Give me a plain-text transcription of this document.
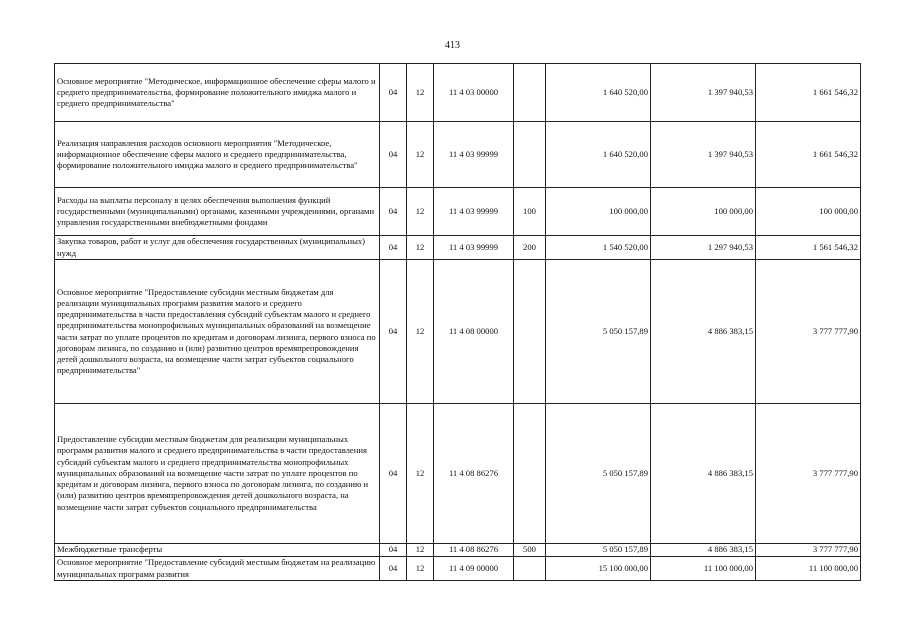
413
Основное мероприятие "Методическое, информационное обеспечение сферы малого и среднего предпринимательства, формирование положительного имиджа малого и среднего предпринимательства"	04	12	11 4 03 00000		1 640 520,00	1 397 940,53	1 661 546,32
Реализация направления расходов основного мероприятия "Методическое, информационное обеспечение сферы малого и среднего предпринимательства, формирование положительного имиджа малого и среднего предпринимательства"	04	12	11 4 03 99999		1 640 520,00	1 397 940,53	1 661 546,32
Расходы на выплаты персоналу в целях обеспечения выполнения функций государственными (муниципальными) органами, казенными учреждениями, органами управления государственными внебюджетными фондами	04	12	11 4 03 99999	100	100 000,00	100 000,00	100 000,00
Закупка товаров, работ и услуг для обеспечения государственных (муниципальных) нужд	04	12	11 4 03 99999	200	1 540 520,00	1 297 940,53	1 561 546,32
Основное мероприятие "Предоставление субсидии местным бюджетам для реализации муниципальных программ развития малого и среднего предпринимательства в части предоставления субсидий субъектам малого и среднего предпринимательства монопрофильных муниципальных образований на возмещение части затрат по уплате процентов по кредитам и договорам лизинга, первого взноса по договорам лизинга, по созданию и (или) развитию центров времяпрепровождения детей дошкольного возраста, на возмещение части затрат субъектов социального предпринимательства"	04	12	11 4 08 00000		5 050 157,89	4 886 383,15	3 777 777,90
Предоставление субсидии местным бюджетам для реализации муниципальных программ развития малого и среднего предпринимательства в части предоставления субсидий субъектам малого и среднего предпринимательства монопрофильных муниципальных образований на возмещение части затрат по уплате процентов по кредитам и договорам лизинга, первого взноса по договорам лизинга, по созданию и (или) развитию центров времяпрепровождения детей дошкольного возраста, на возмещение части затрат субъектов социального предпринимательства	04	12	11 4 08 86276		5 050 157,89	4 886 383,15	3 777 777,90
Межбюджетные трансферты	04	12	11 4 08 86276	500	5 050 157,89	4 886 383,15	3 777 777,90
Основное мероприятие "Предоставление субсидий местным бюджетам на реализацию муниципальных программ развития	04	12	11 4 09 00000		15 100 000,00	11 100 000,00	11 100 000,00
